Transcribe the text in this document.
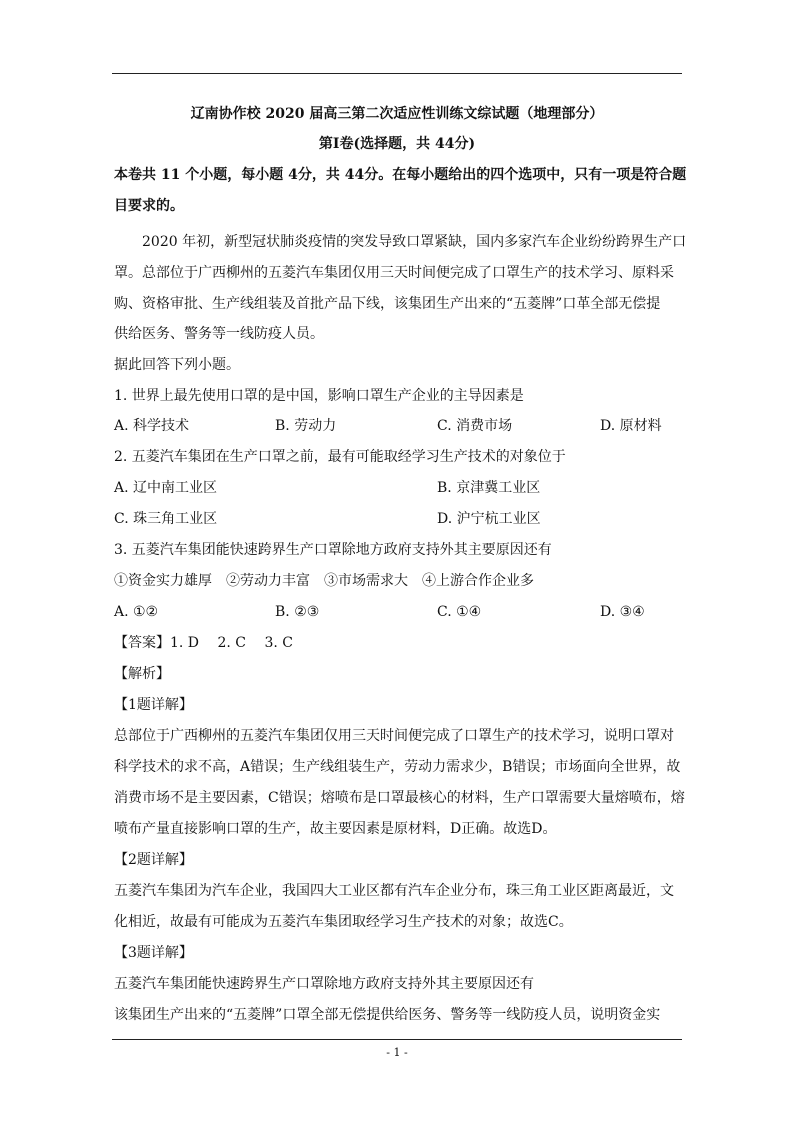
辽南协作校 2020 届高三第二次适应性训练文综试题（地理部分）
第Ⅰ卷(选择题，共 44分)
本卷共 11 个小题，每小题 4分，共 44分。在每小题给出的四个选项中，只有一项是符合题
目要求的。
2020 年初，新型冠状肺炎疫情的突发导致口罩紧缺，国内多家汽车企业纷纷跨界生产口
罩。总部位于广西柳州的五菱汽车集团仅用三天时间便完成了口罩生产的技术学习、原料采
购、资格审批、生产线组装及首批产品下线，该集团生产出来的“五菱牌”口革全部无偿提
供给医务、警务等一线防疫人员。
据此回答下列小题。
1. 世界上最先使用口罩的是中国，影响口罩生产企业的主导因素是
A. 科学技术	B. 劳动力	C. 消费市场	D. 原材料
2. 五菱汽车集团在生产口罩之前，最有可能取经学习生产技术的对象位于
A. 辽中南工业区	B. 京津冀工业区
C. 珠三角工业区	D. 沪宁杭工业区
3. 五菱汽车集团能快速跨界生产口罩除地方政府支持外其主要原因还有
①资金实力雄厚　②劳动力丰富　③市场需求大　④上游合作企业多
A. ①②	B. ②③	C. ①④	D. ③④
【答案】1. D　 2. C　 3. C
【解析】
【1题详解】
总部位于广西柳州的五菱汽车集团仅用三天时间便完成了口罩生产的技术学习，说明口罩对
科学技术的求不高，A错误；生产线组装生产，劳动力需求少，B错误；市场面向全世界，故
消费市场不是主要因素，C错误；熔喷布是口罩最核心的材料，生产口罩需要大量熔喷布，熔
喷布产量直接影响口罩的生产，故主要因素是原材料，D正确。故选D。
【2题详解】
五菱汽车集团为汽车企业，我国四大工业区都有汽车企业分布，珠三角工业区距离最近，文
化相近，故最有可能成为五菱汽车集团取经学习生产技术的对象；故选C。
【3题详解】
五菱汽车集团能快速跨界生产口罩除地方政府支持外其主要原因还有
该集团生产出来的“五菱牌”口罩全部无偿提供给医务、警务等一线防疫人员，说明资金实
- 1 -
